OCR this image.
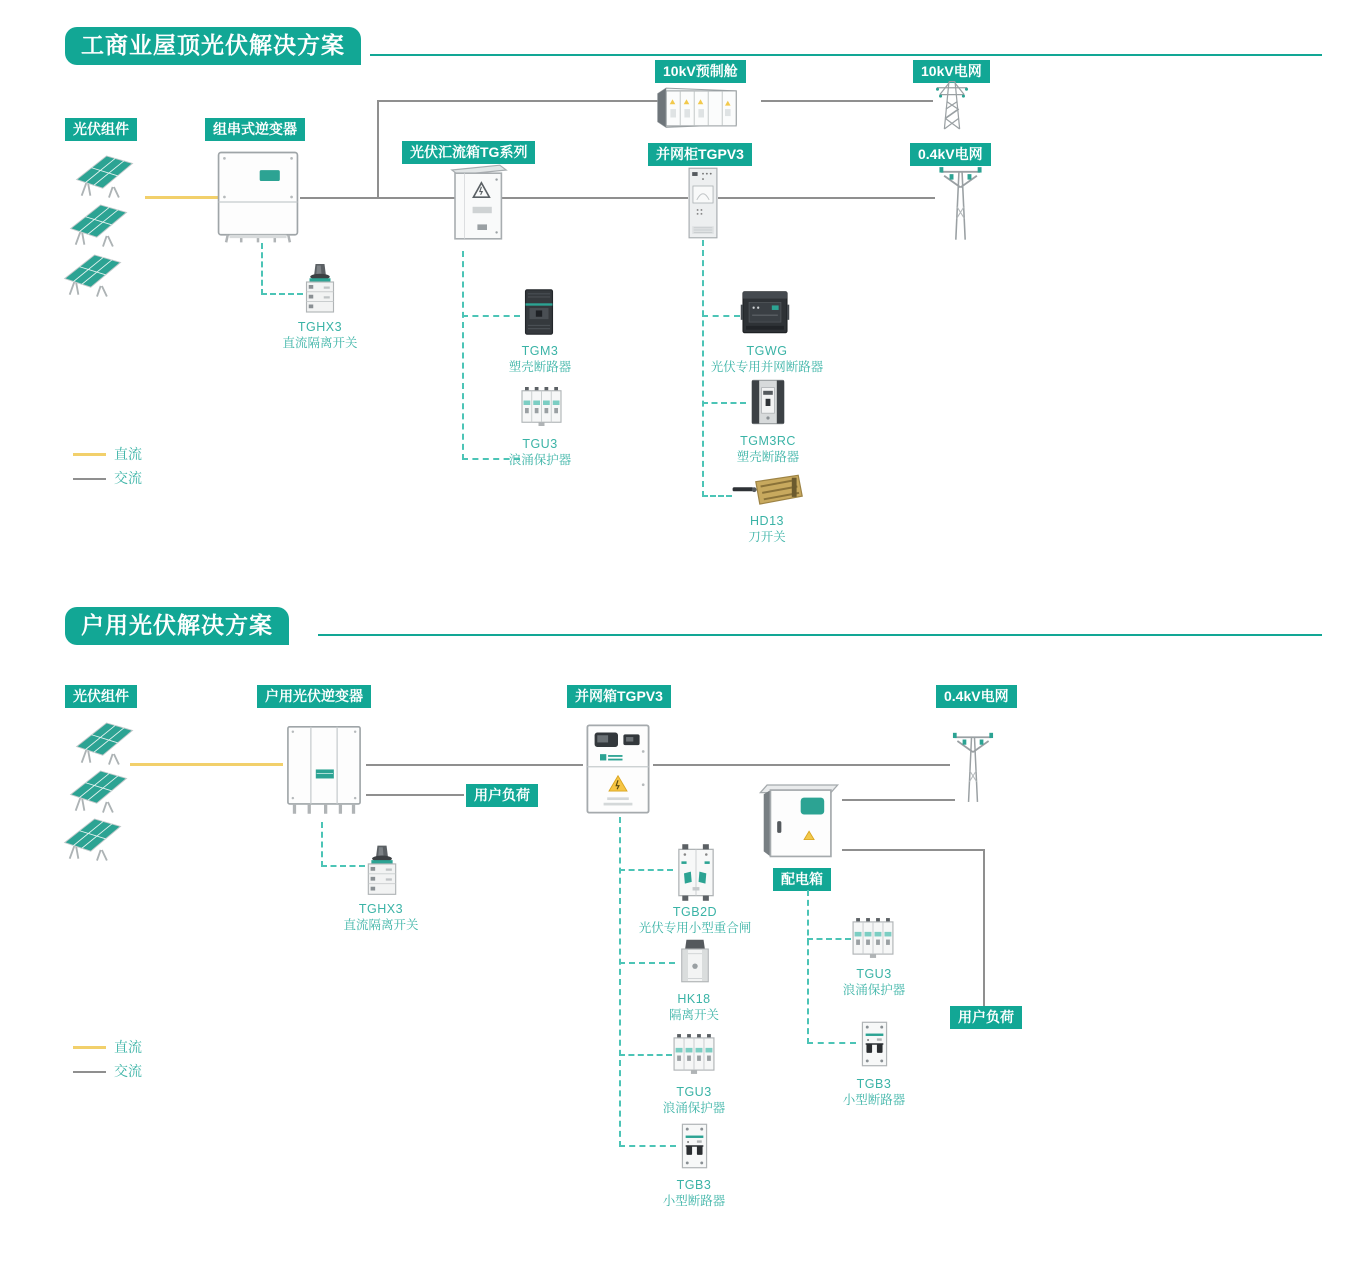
工商业屋顶光伏解决方案
光伏组件	组串式逆变器
光伏汇流箱TG系列
10kV预制舱	10kV电网
并网柜TGPV3	0.4kV电网
TGHX3
直流隔离开关
TGM3
塑壳断路器
TGU3
浪涌保护器
TGWG
光伏专用并网断路器
TGM3RC
塑壳断路器
HD13
刀开关
直流
交流
户用光伏解决方案
光伏组件	户用光伏逆变器	并网箱TGPV3	0.4kV电网
用户负荷
配电箱
用户负荷
TGHX3
直流隔离开关
TGB2D
光伏专用小型重合闸
HK18
隔离开关
TGU3
浪涌保护器
TGB3
小型断路器
TGU3
浪涌保护器
TGB3
小型断路器
直流
交流
